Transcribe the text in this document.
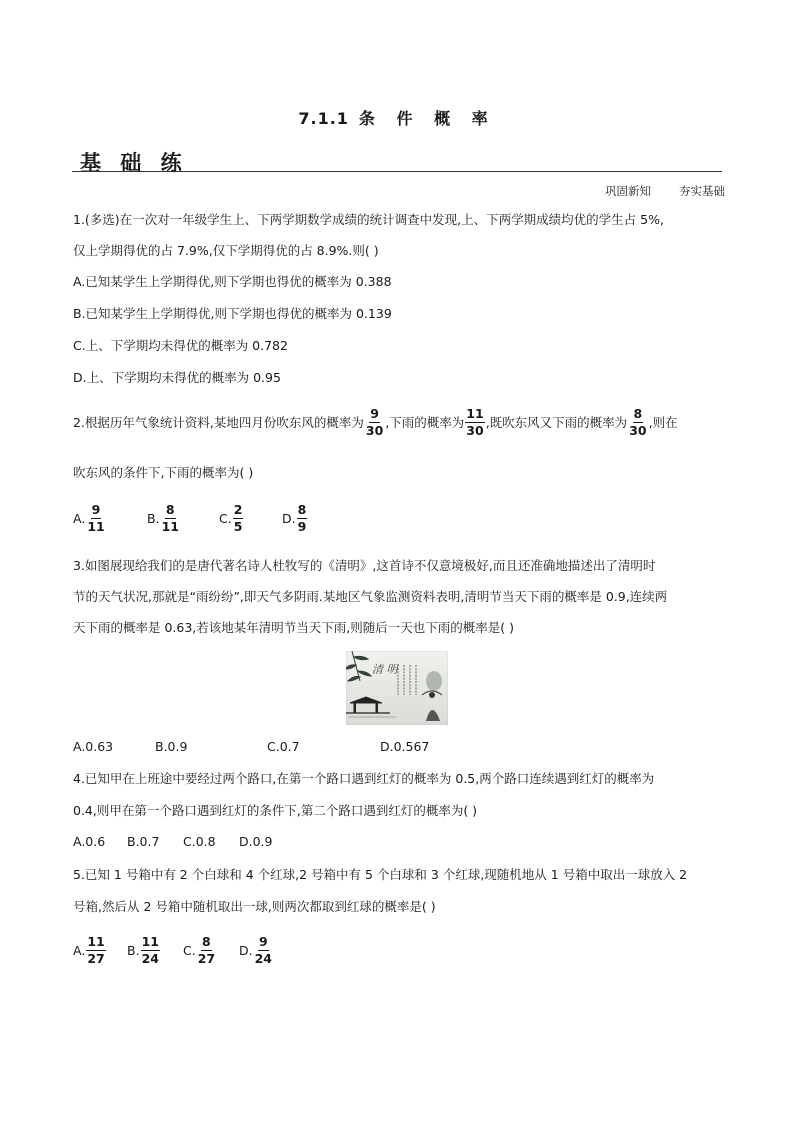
7.1.1 条 件 概 率
基 础 练
巩固新知 夯实基础
1.(多选)在一次对一年级学生上、下两学期数学成绩的统计调查中发现,上、下两学期成绩均优的学生占 5%,
仅上学期得优的占 7.9%,仅下学期得优的占 8.9%.则( )
A.已知某学生上学期得优,则下学期也得优的概率为 0.388
B.已知某学生上学期得优,则下学期也得优的概率为 0.139
C.上、下学期均未得优的概率为 0.782
D.上、下学期均未得优的概率为 0.95
2.根据历年气象统计资料,某地四月份吹东风的概率为 $\frac{9}{30}$ ,下雨的概率为 $\frac{11}{30}$ ,既吹东风又下雨的概率为 $\frac{8}{30}$ ,则在
吹东风的条件下,下雨的概率为( )
A. $\frac{9}{11}$	B. $\frac{8}{11}$	C. $\frac{2}{5}$	D. $\frac{8}{9}$
3.如图展现给我们的是唐代著名诗人杜牧写的《清明》,这首诗不仅意境极好,而且还准确地描述出了清明时
节的天气状况,那就是“雨纷纷”,即天气多阴雨.某地区气象监测资料表明,清明节当天下雨的概率是 0.9,连续两
天下雨的概率是 0.63,若该地某年清明节当天下雨,则随后一天也下雨的概率是( )
清 明
A.0.63	B.0.9	C.0.7	D.0.567
4.已知甲在上班途中要经过两个路口,在第一个路口遇到红灯的概率为 0.5,两个路口连续遇到红灯的概率为
0.4,则甲在第一个路口遇到红灯的条件下,第二个路口遇到红灯的概率为( )
A.0.6 B.0.7 C.0.8 D.0.9
5.已知 1 号箱中有 2 个白球和 4 个红球,2 号箱中有 5 个白球和 3 个红球,现随机地从 1 号箱中取出一球放入 2
号箱,然后从 2 号箱中随机取出一球,则两次都取到红球的概率是( )
A. $\frac{11}{27} B$. $\frac{11}{24} C$. $\frac{8}{27} D$. $\frac{9}{24}$
